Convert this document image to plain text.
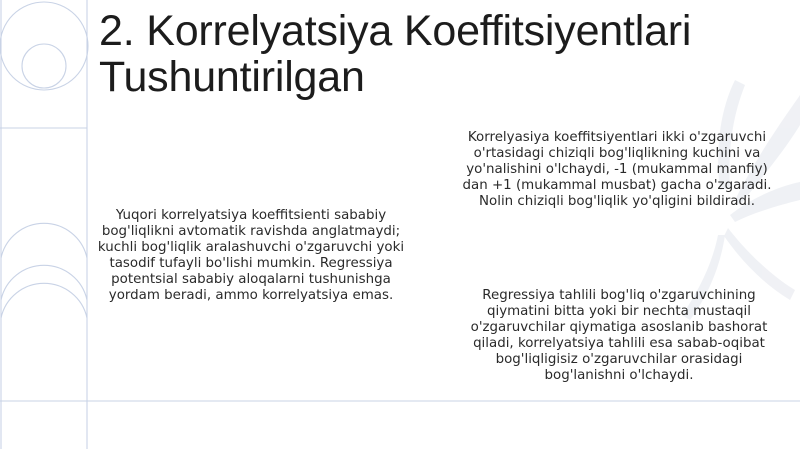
2. Korrelyatsiya Koeffitsiyentlari Tushuntirilgan
Korrelyasiya koeffitsiyentlari ikki o'zgaruvchi o'rtasidagi chiziqli bog'liqlikning kuchini va yo'nalishini o'lchaydi, -1 (mukammal manfiy) dan +1 (mukammal musbat) gacha o'zgaradi. Nolin chiziqli bog'liqlik yo'qligini bildiradi.
Yuqori korrelyatsiya koeffitsienti sababiy bog'liqlikni avtomatik ravishda anglatmaydi; kuchli bog'liqlik aralashuvchi o'zgaruvchi yoki tasodif tufayli bo'lishi mumkin. Regressiya potentsial sababiy aloqalarni tushunishga yordam beradi, ammo korrelyatsiya emas.	Regressiya tahlili bog'liq o'zgaruvchining qiymatini bitta yoki bir nechta mustaqil o'zgaruvchilar qiymatiga asoslanib bashorat qiladi, korrelyatsiya tahlili esa sabab-oqibat bog'liqligisiz o'zgaruvchilar orasidagi bog'lanishni o'lchaydi.
